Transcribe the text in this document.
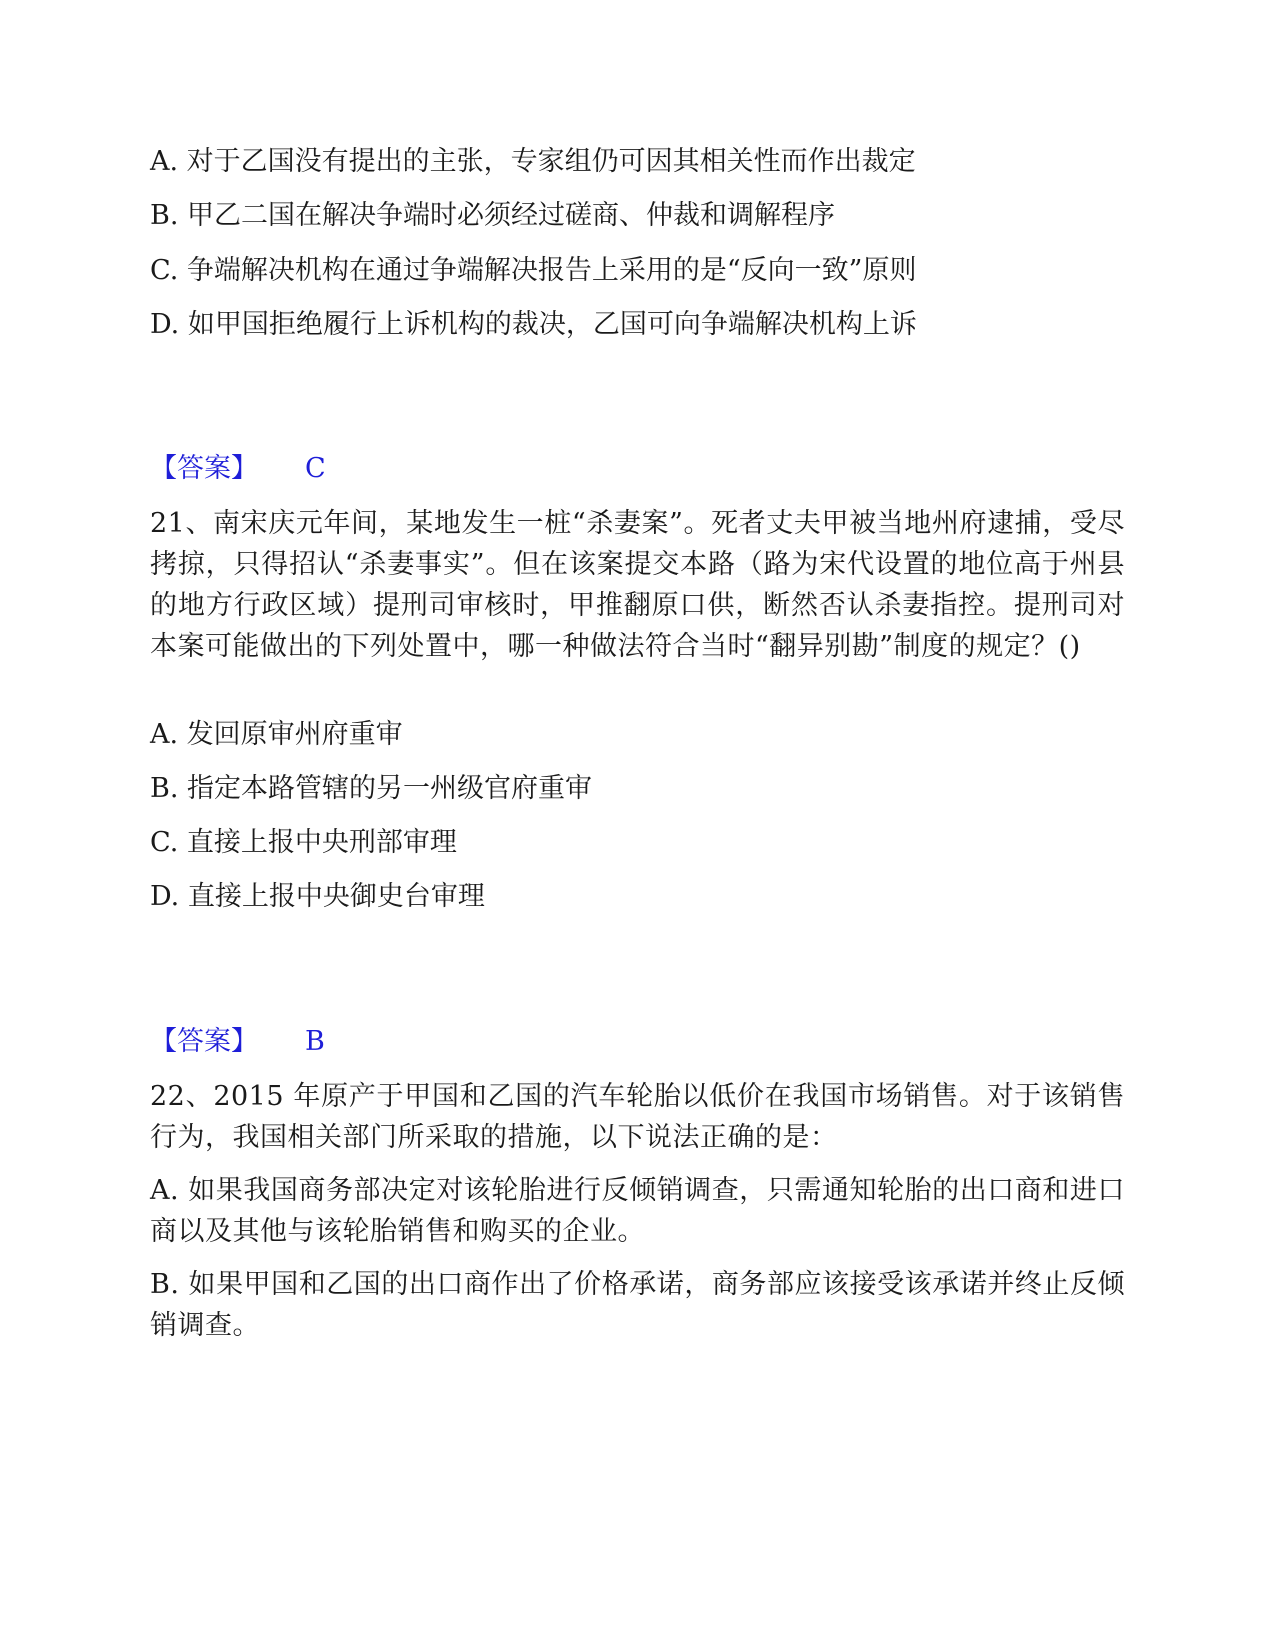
A. 对于乙国没有提出的主张，专家组仍可因其相关性而作出裁定
B. 甲乙二国在解决争端时必须经过磋商、仲裁和调解程序
C. 争端解决机构在通过争端解决报告上采用的是“反向一致”原则
D. 如甲国拒绝履行上诉机构的裁决，乙国可向争端解决机构上诉
【答案】 C
21、南宋庆元年间，某地发生一桩“杀妻案”。死者丈夫甲被当地州府逮捕，受尽拷掠，只得招认“杀妻事实”。但在该案提交本路（路为宋代设置的地位高于州县的地方行政区域）提刑司审核时，甲推翻原口供，断然否认杀妻指控。提刑司对本案可能做出的下列处置中，哪一种做法符合当时“翻异别勘”制度的规定？()
A. 发回原审州府重审
B. 指定本路管辖的另一州级官府重审
C. 直接上报中央刑部审理
D. 直接上报中央御史台审理
【答案】 B
22、2015 年原产于甲国和乙国的汽车轮胎以低价在我国市场销售。对于该销售行为，我国相关部门所采取的措施，以下说法正确的是：
A. 如果我国商务部决定对该轮胎进行反倾销调查，只需通知轮胎的出口商和进口商以及其他与该轮胎销售和购买的企业。
B. 如果甲国和乙国的出口商作出了价格承诺，商务部应该接受该承诺并终止反倾销调查。
